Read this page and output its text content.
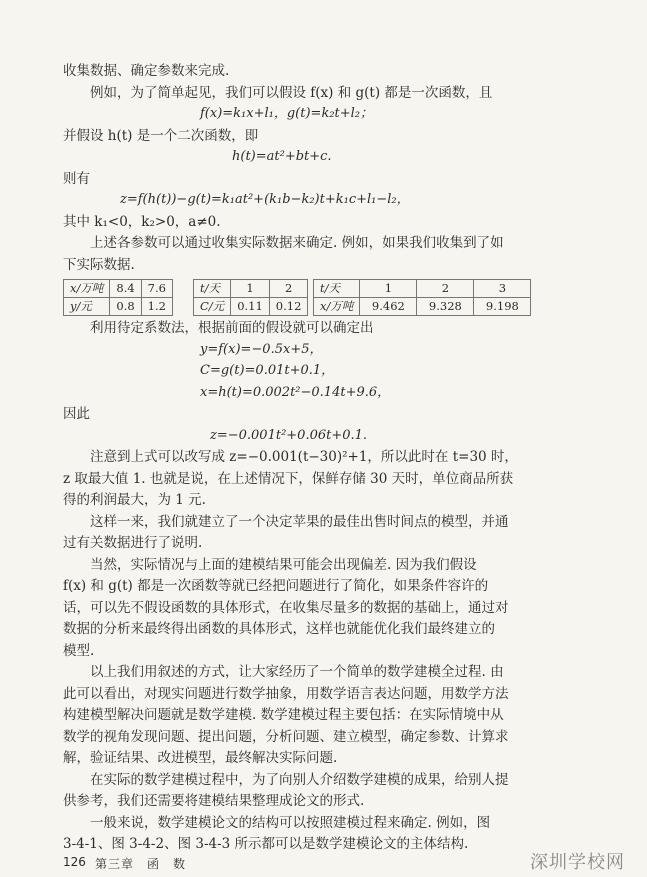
收集数据、确定参数来完成.
例如，为了简单起见，我们可以假设 f(x) 和 g(t) 都是一次函数，且
f(x)=k₁x+l₁，g(t)=k₂t+l₂；
并假设 h(t) 是一个二次函数，即
h(t)=at²+bt+c.
则有
z=f(h(t))−g(t)=k₁at²+(k₁b−k₂)t+k₁c+l₁−l₂，
其中 k₁<0，k₂>0，a≠0.
上述各参数可以通过收集实际数据来确定. 例如，如果我们收集到了如
下实际数据.
x/万吨	8.4	7.6
y/元	0.8	1.2
t/天	1	2
C/元	0.11	0.12
t/天	1	2	3
x/万吨	9.462	9.328	9.198
利用待定系数法，根据前面的假设就可以确定出
y=f(x)=−0.5x+5，
C=g(t)=0.01t+0.1，
x=h(t)=0.002t²−0.14t+9.6，
因此
z=−0.001t²+0.06t+0.1.
注意到上式可以改写成 z=−0.001(t−30)²+1，所以此时在 t=30 时，
z 取最大值 1. 也就是说，在上述情况下，保鲜存储 30 天时，单位商品所获
得的利润最大，为 1 元.
这样一来，我们就建立了一个决定苹果的最佳出售时间点的模型，并通
过有关数据进行了说明.
当然，实际情况与上面的建模结果可能会出现偏差. 因为我们假设
f(x) 和 g(t) 都是一次函数等就已经把问题进行了简化，如果条件容许的
话，可以先不假设函数的具体形式，在收集尽量多的数据的基础上，通过对
数据的分析来最终得出函数的具体形式，这样也就能优化我们最终建立的
模型.
以上我们用叙述的方式，让大家经历了一个简单的数学建模全过程. 由
此可以看出，对现实问题进行数学抽象，用数学语言表达问题，用数学方法
构建模型解决问题就是数学建模. 数学建模过程主要包括：在实际情境中从
数学的视角发现问题、提出问题，分析问题、建立模型，确定参数、计算求
解，验证结果、改进模型，最终解决实际问题.
在实际的数学建模过程中，为了向别人介绍数学建模的成果，给别人提
供参考，我们还需要将建模结果整理成论文的形式.
一般来说，数学建模论文的结构可以按照建模过程来确定. 例如，图
126 第三章　函　数	深圳学校网
3-4-1、图 3-4-2、图 3-4-3 所示都可以是数学建模论文的主体结构.
